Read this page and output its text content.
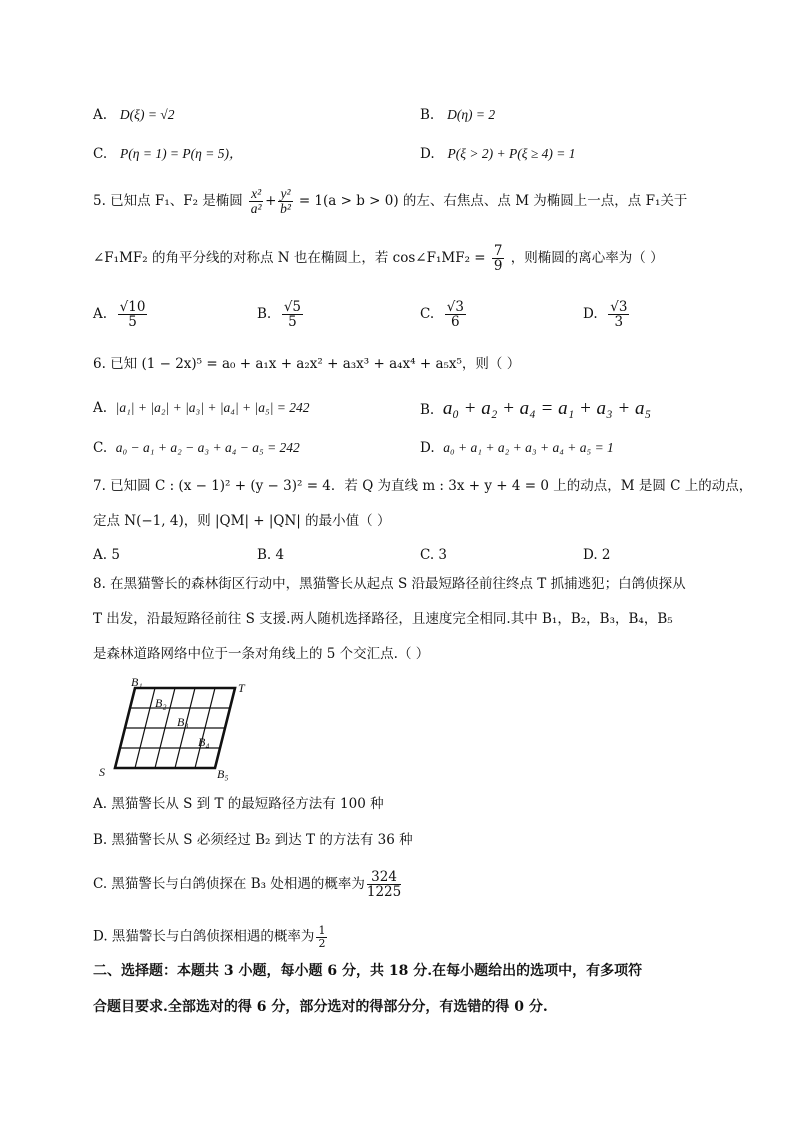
A. D(ξ) = √2	B. D(η) = 2
C. P(η = 1) = P(η = 5)，	D. P(ξ > 2) + P(ξ ≥ 4) = 1
5. 已知点 F₁、F₂ 是椭圆 $\frac{\text{x²}}{\text{a²}} + \frac{\text{y²}}{\text{b²}} = 1(a > b > 0)$ 的左、右焦点、点 M 为椭圆上一点，点 F₁关于
∠F₁MF₂ 的角平分线的对称点 N 也在椭圆上，若 cos∠F₁MF₂ = $\frac{7}{9}$ ，则椭圆的离心率为（ ）
A. $\frac{√10}{5}$	B. $\frac{√5}{5}$	C. $\frac{√3}{6}$	D. $\frac{√3}{3}$
6. 已知 (1 − 2x)⁵ = a₀ + a₁x + a₂x² + a₃x³ + a₄x⁴ + a₅x⁵，则（ ）
A. |a₁| + |a₂| + |a₃| + |a₄| + |a₅| = 242	B. a₀ + a₂ + a₄ = a₁ + a₃ + a₅
C. a₀ − a₁ + a₂ − a₃ + a₄ − a₅ = 242	D. a₀ + a₁ + a₂ + a₃ + a₄ + a₅ = 1
7. 已知圆 C : (x − 1)² + (y − 3)² = 4．若 Q 为直线 m : 3x + y + 4 = 0 上的动点，M 是圆 C 上的动点，
定点 N(−1, 4)，则 |QM| + |QN| 的最小值（ ）
A. 5	B. 4	C. 3	D. 2
8. 在黑猫警长的森林街区行动中，黑猫警长从起点 S 沿最短路径前往终点 T 抓捕逃犯；白鸽侦探从
T 出发，沿最短路径前往 S 支援.两人随机选择路径，且速度完全相同.其中 B₁，B₂，B₃，B₄，B₅
是森林道路网络中位于一条对角线上的 5 个交汇点.（ ）
B₁
B₂
B₃
B₄
B₅
T
S
A. 黑猫警长从 S 到 T 的最短路径方法有 100 种
B. 黑猫警长从 S 必须经过 B₂ 到达 T 的方法有 36 种
C. 黑猫警长与白鸽侦探在 B₃ 处相遇的概率为 $\frac{324}{1225}$
D. 黑猫警长与白鸽侦探相遇的概率为 $\frac{1}{2}$
二、选择题：本题共 3 小题，每小题 6 分，共 18 分.在每小题给出的选项中，有多项符
合题目要求.全部选对的得 6 分，部分选对的得部分分，有选错的得 0 分.
